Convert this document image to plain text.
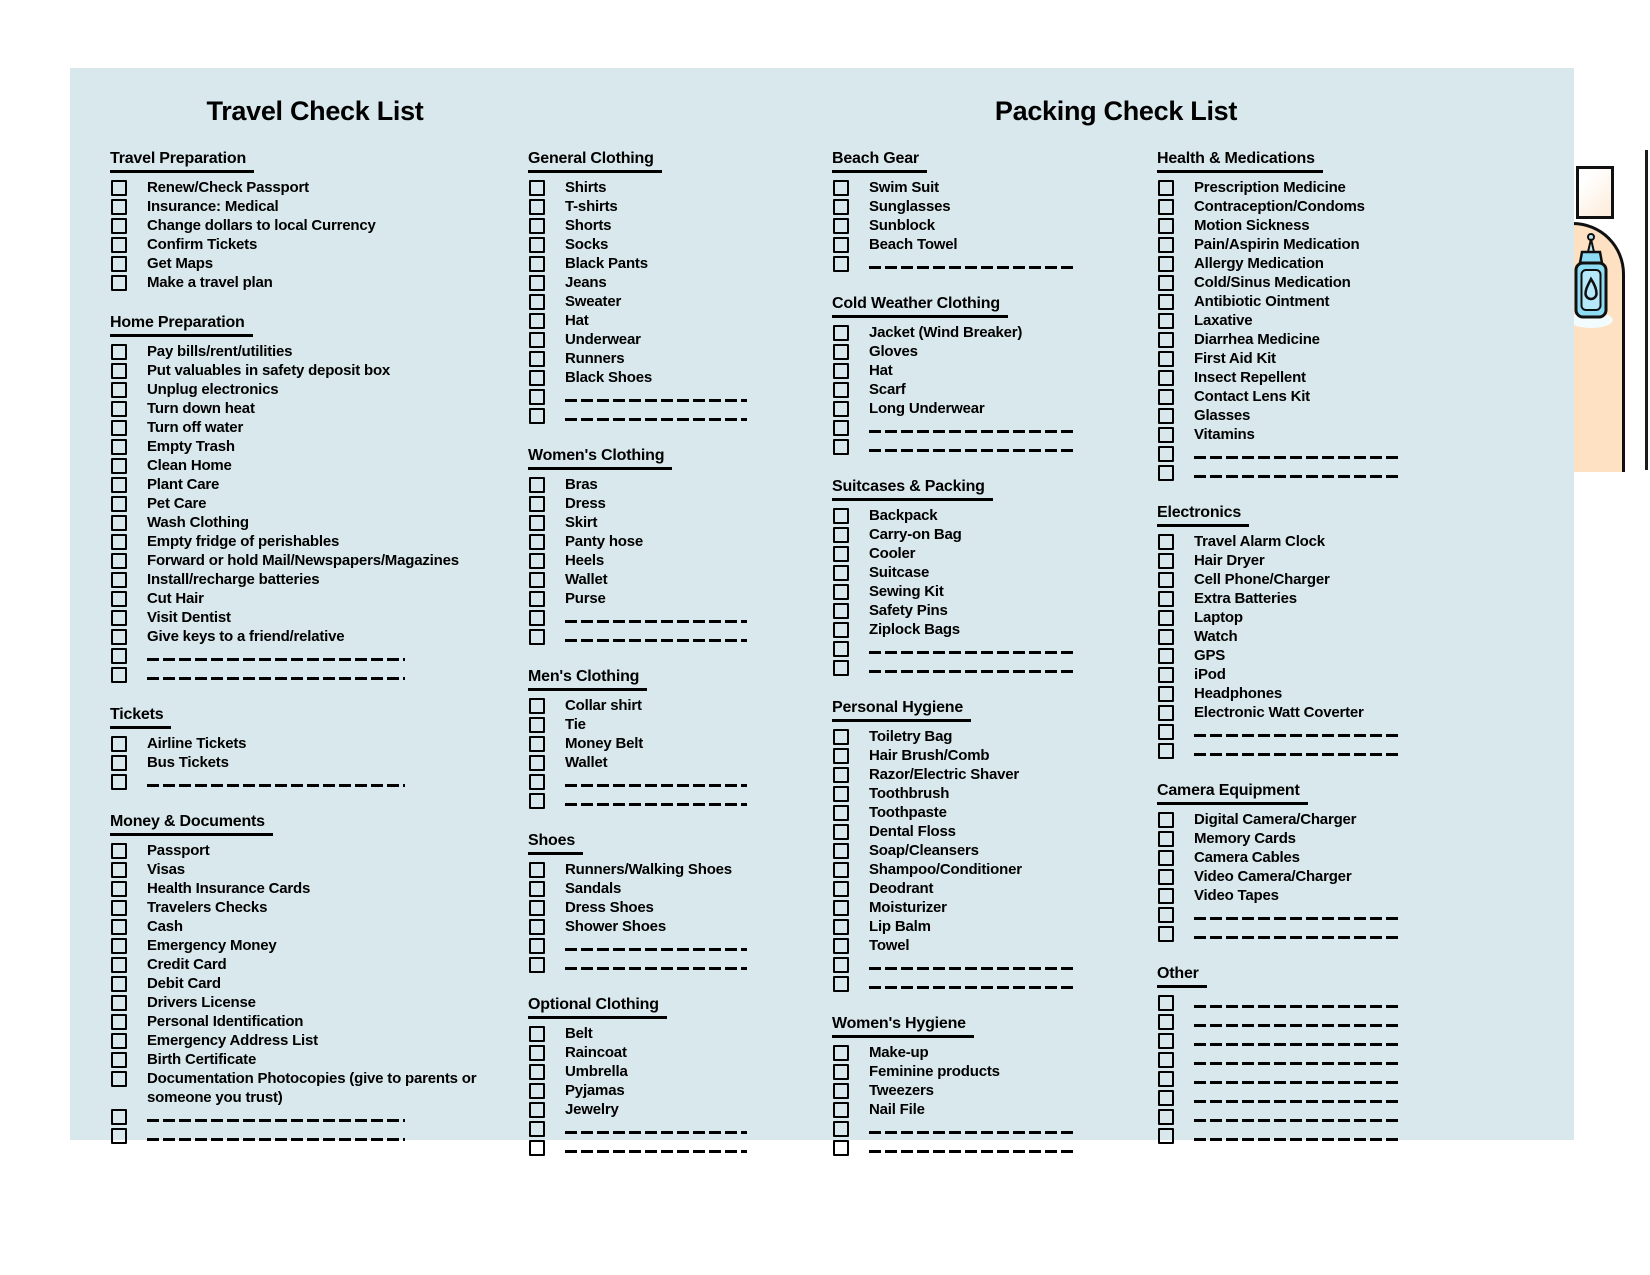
Travel Preparation
Renew/Check Passport
Insurance: Medical
Change dollars to local Currency
Confirm Tickets
Get Maps
Make a travel plan
Home Preparation
Pay bills/rent/utilities
Put valuables in safety deposit box
Unplug electronics
Turn down heat
Turn off water
Empty Trash
Clean Home
Plant Care
Pet Care
Wash Clothing
Empty fridge of perishables
Forward or hold Mail/Newspapers/Magazines
Install/recharge batteries
Cut Hair
Visit Dentist
Give keys to a friend/relative
Tickets
Airline Tickets
Bus Tickets
Money & Documents
Passport
Visas
Health Insurance Cards
Travelers Checks
Cash
Emergency Money
Credit Card
Debit Card
Drivers License
Personal Identification
Emergency Address List
Birth Certificate
Documentation Photocopies (give to parents or someone you trust)
General Clothing
Shirts
T-shirts
Shorts
Socks
Black Pants
Jeans
Sweater
Hat
Underwear
Runners
Black Shoes
Women's Clothing
Bras
Dress
Skirt
Panty hose
Heels
Wallet
Purse
Men's Clothing
Collar shirt
Tie
Money Belt
Wallet
Shoes
Runners/Walking Shoes
Sandals
Dress Shoes
Shower Shoes
Optional Clothing
Belt
Raincoat
Umbrella
Pyjamas
Jewelry
Beach Gear
Swim Suit
Sunglasses
Sunblock
Beach Towel
Cold Weather Clothing
Jacket (Wind Breaker)
Gloves
Hat
Scarf
Long Underwear
Suitcases & Packing
Backpack
Carry-on Bag
Cooler
Suitcase
Sewing Kit
Safety Pins
Ziplock Bags
Personal Hygiene
Toiletry Bag
Hair Brush/Comb
Razor/Electric Shaver
Toothbrush
Toothpaste
Dental Floss
Soap/Cleansers
Shampoo/Conditioner
Deodrant
Moisturizer
Lip Balm
Towel
Women's Hygiene
Make-up
Feminine products
Tweezers
Nail File
Health & Medications
Prescription Medicine
Contraception/Condoms
Motion Sickness
Pain/Aspirin Medication
Allergy Medication
Cold/Sinus Medication
Antibiotic Ointment
Laxative
Diarrhea Medicine
First Aid Kit
Insect Repellent
Contact Lens Kit
Glasses
Vitamins
Electronics
Travel Alarm Clock
Hair Dryer
Cell Phone/Charger
Extra Batteries
Laptop
Watch
GPS
iPod
Headphones
Electronic Watt Coverter
Camera Equipment
Digital Camera/Charger
Memory Cards
Camera Cables
Video Camera/Charger
Video Tapes
Other
Travel Check List	Packing Check List
